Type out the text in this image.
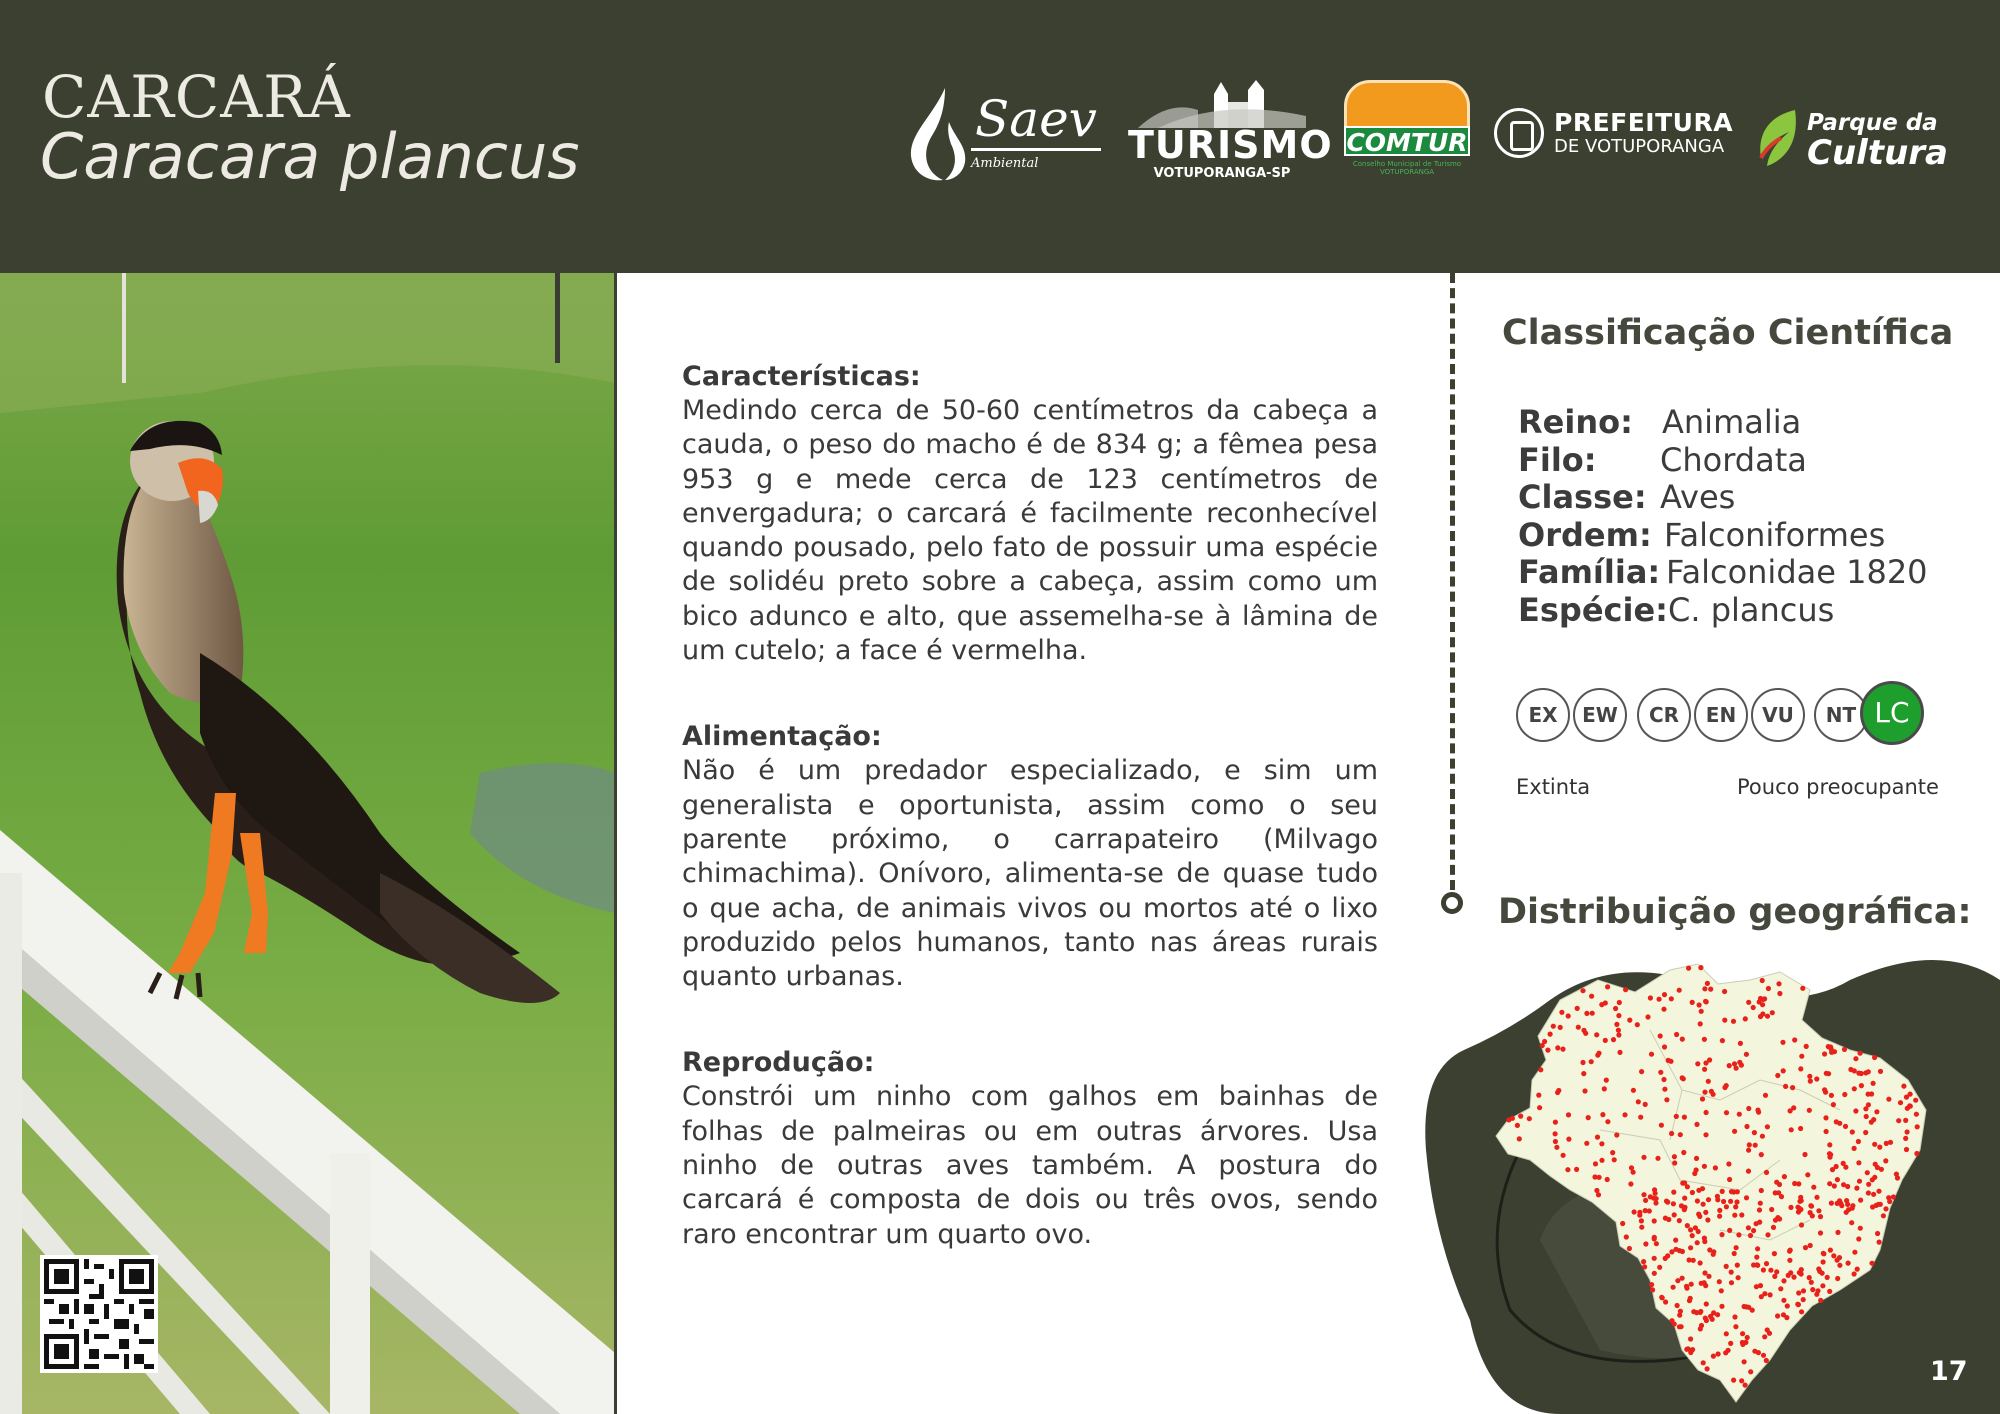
CARCARÁ
Caracara plancus
Saev
Ambiental TURISMO
VOTUPORANGA-SP
COMTUR
Conselho Municipal de Turismo
VOTUPORANGA
PREFEITURA
DE VOTUPORANGA
Parque da
Cultura
Características:

Medindo cerca de 50-60 centímetros da cabeça a cauda, o peso do macho é de 834 g; a fêmea pesa 953 g e mede cerca de 123 centímetros de envergadura; o carcará é facilmente reconhecível quando pousado, pelo fato de possuir uma espécie de solidéu preto sobre a cabeça, assim como um bico adunco e alto, que assemelha-se à lâmina de um cutelo; a face é vermelha.

Alimentação:

Não é um predador especializado, e sim um generalista e oportunista, assim como o seu parente próximo, o carrapateiro (Milvago chimachima). Onívoro, alimenta-se de quase tudo o que acha, de animais vivos ou mortos até o lixo produzido pelos humanos, tanto nas áreas rurais quanto urbanas.

Reprodução:

Constrói um ninho com galhos em bainhas de folhas de palmeiras ou em outras árvores. Usa ninho de outras aves também. A postura do carcará é composta de dois ou três ovos, sendo raro encontrar um quarto ovo.

Classificação Científica
Reino: Animalia
Filo: Chordata
Classe: Aves
Ordem: Falconiformes
Família: Falconidae 1820
Espécie: C. plancus
EX	EW	CR	EN	VU	NT LC
Extinta	Pouco preocupante
Distribuição geográfica:
17
